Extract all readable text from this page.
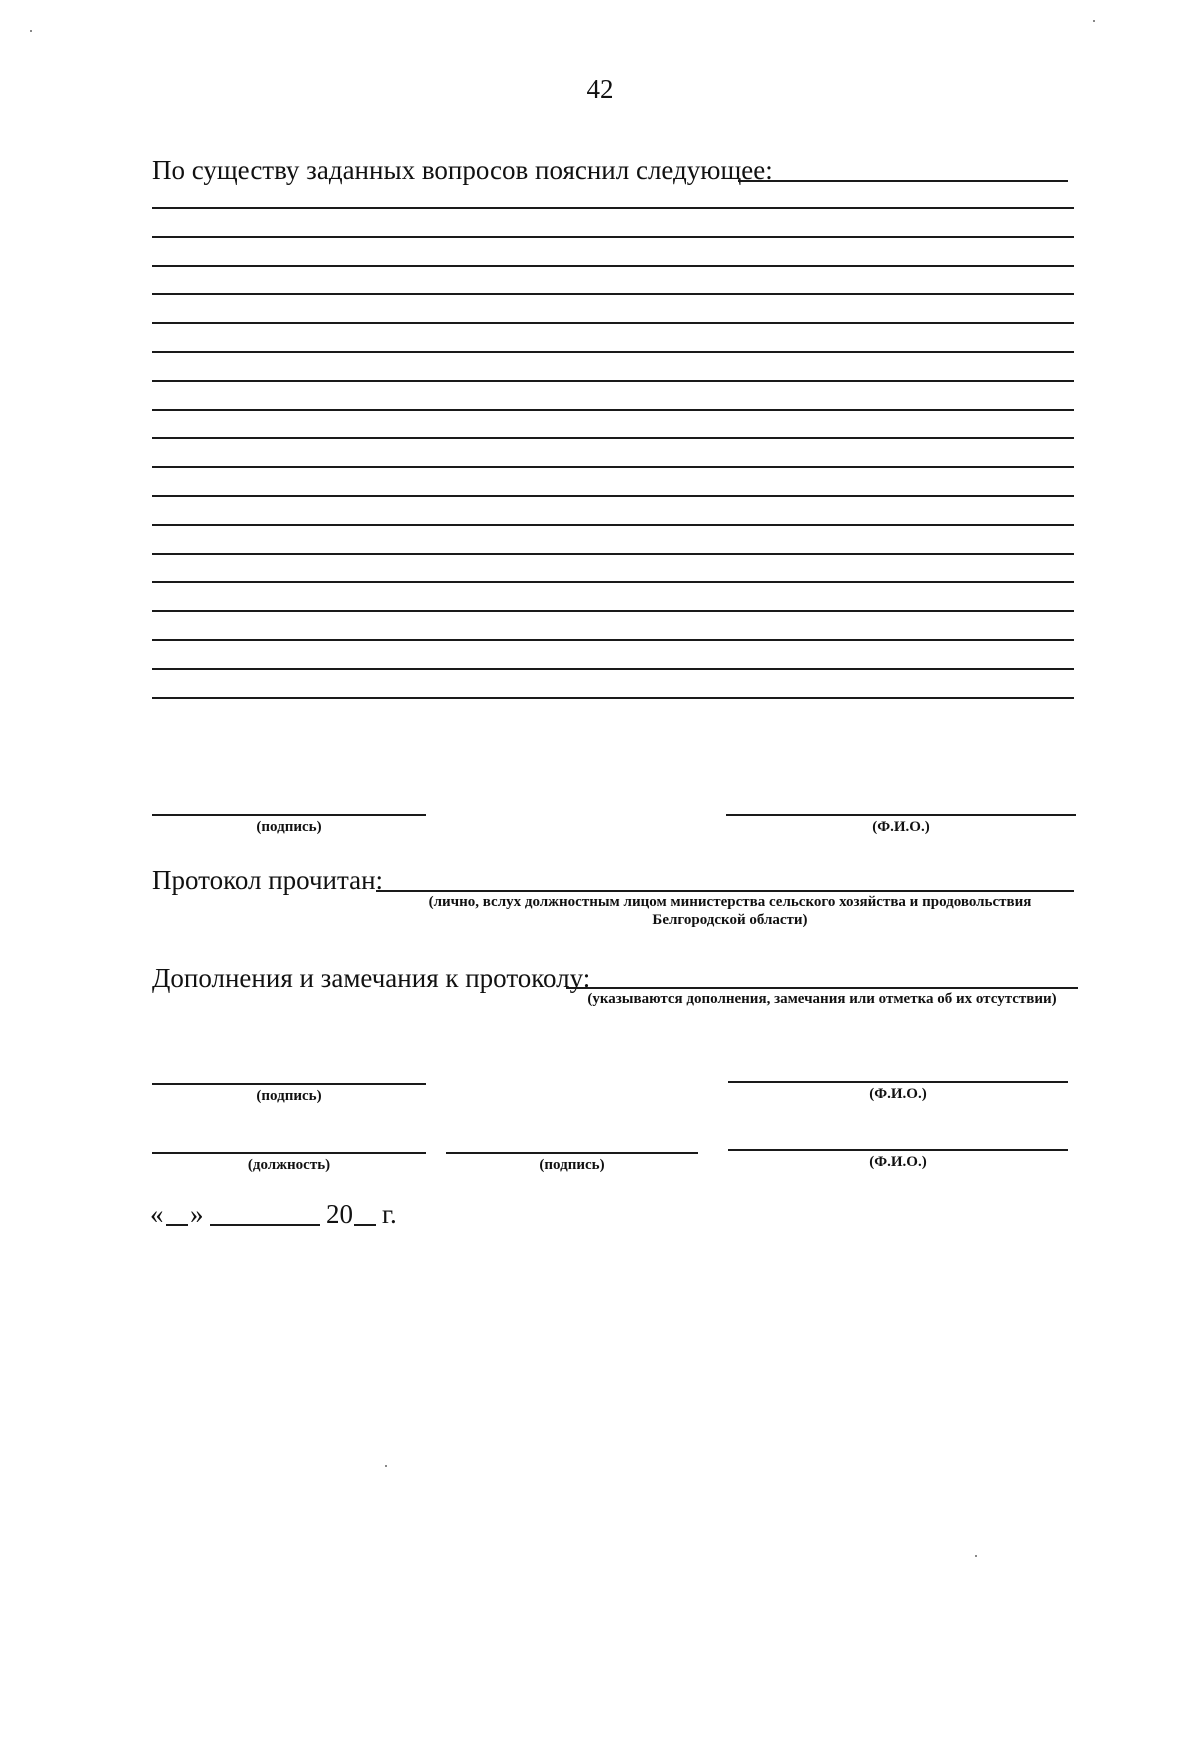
42
По существу заданных вопросов пояснил следующее:
(подпись)	(Ф.И.О.)
Протокол прочитан:
(лично, вслух должностным лицом министерства сельского хозяйства и продовольствия Белгородской области)
Дополнения и замечания к протоколу:
(указываются дополнения, замечания или отметка об их отсутствии)
(подпись)	(Ф.И.О.)
(должность)	(подпись)	(Ф.И.О.)
« »	20 г.
